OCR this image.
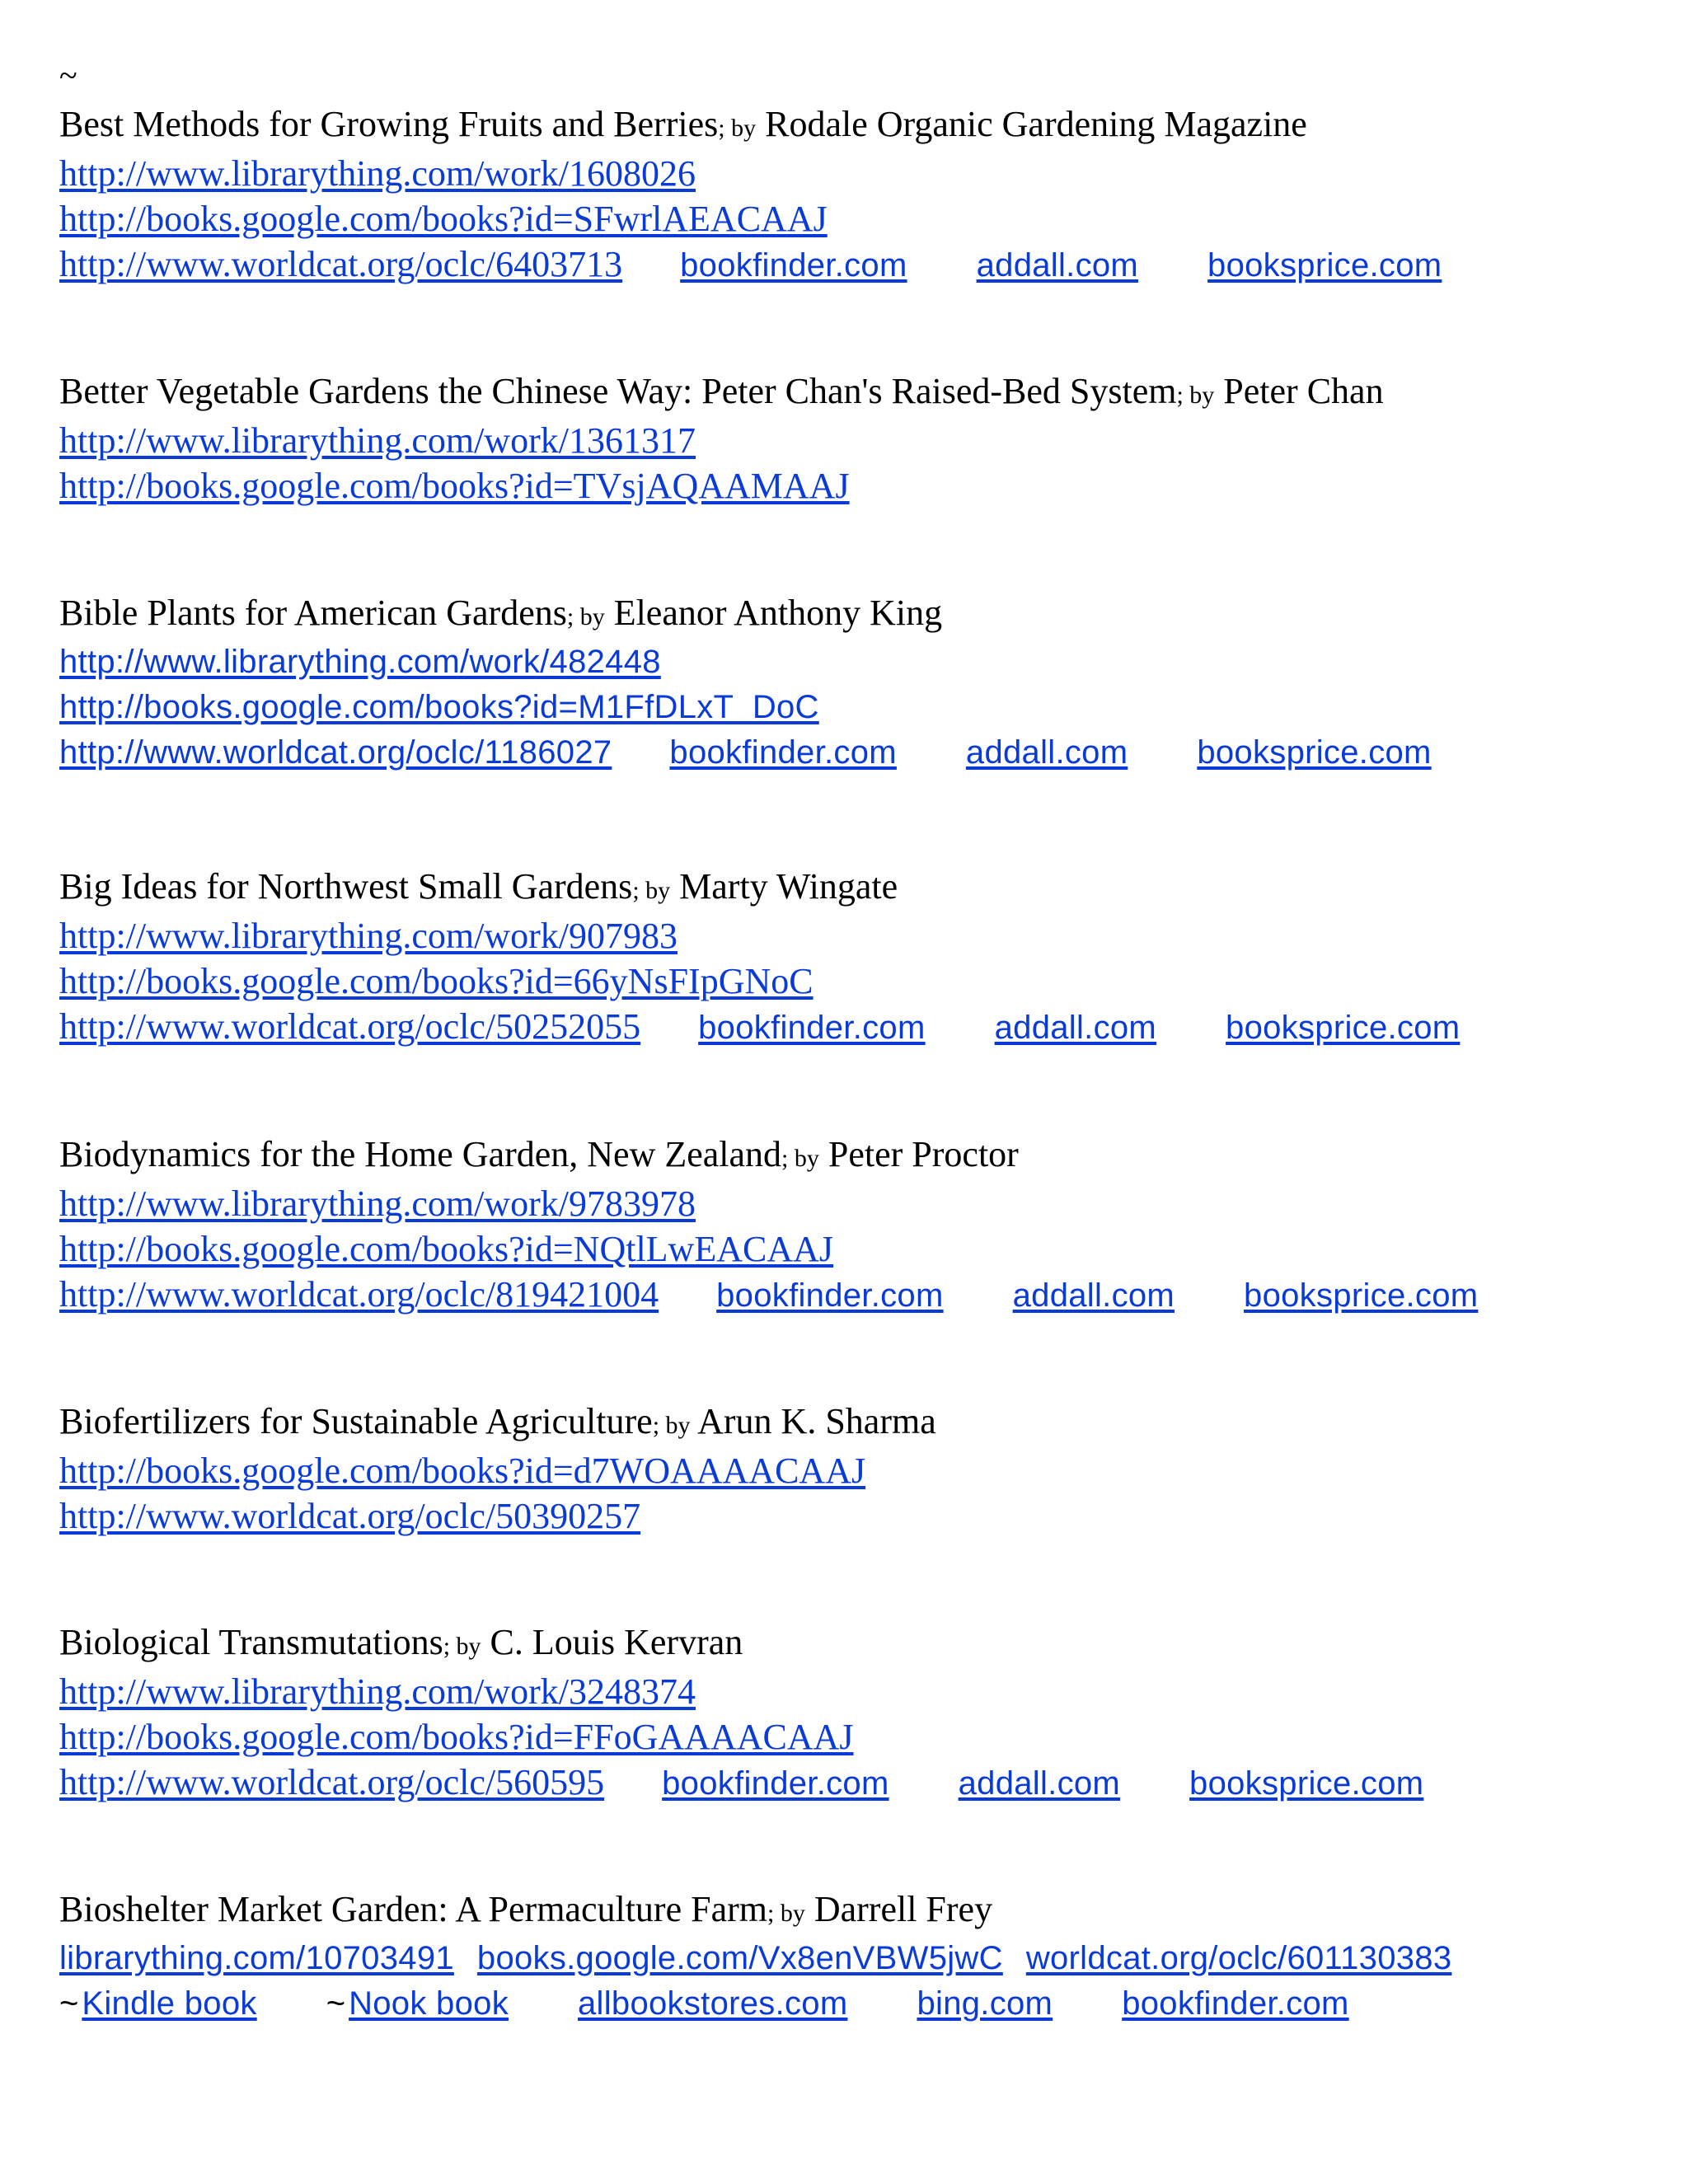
~
Best Methods for Growing Fruits and Berries; by Rodale Organic Gardening Magazine
http://www.librarything.com/work/1608026
http://books.google.com/books?id=SFwrlAEACAAJ
http://www.worldcat.org/oclc/6403713 bookfinder.com addall.com booksprice.com
Better Vegetable Gardens the Chinese Way: Peter Chan's Raised-Bed System; by Peter Chan
http://www.librarything.com/work/1361317
http://books.google.com/books?id=TVsjAQAAMAAJ
Bible Plants for American Gardens; by Eleanor Anthony King
http://www.librarything.com/work/482448
http://books.google.com/books?id=M1FfDLxT_DoC
http://www.worldcat.org/oclc/1186027 bookfinder.com addall.com booksprice.com
Big Ideas for Northwest Small Gardens; by Marty Wingate
http://www.librarything.com/work/907983
http://books.google.com/books?id=66yNsFIpGNoC
http://www.worldcat.org/oclc/50252055 bookfinder.com addall.com booksprice.com
Biodynamics for the Home Garden, New Zealand; by Peter Proctor
http://www.librarything.com/work/9783978
http://books.google.com/books?id=NQtlLwEACAAJ
http://www.worldcat.org/oclc/819421004 bookfinder.com addall.com booksprice.com
Biofertilizers for Sustainable Agriculture; by Arun K. Sharma
http://books.google.com/books?id=d7WOAAAACAAJ
http://www.worldcat.org/oclc/50390257
Biological Transmutations; by C. Louis Kervran
http://www.librarything.com/work/3248374
http://books.google.com/books?id=FFoGAAAACAAJ
http://www.worldcat.org/oclc/560595 bookfinder.com addall.com booksprice.com
Bioshelter Market Garden: A Permaculture Farm; by Darrell Frey
librarything.com/10703491 books.google.com/Vx8enVBW5jwC worldcat.org/oclc/601130383
~ Kindle book ~ Nook book allbookstores.com bing.com bookfinder.com
